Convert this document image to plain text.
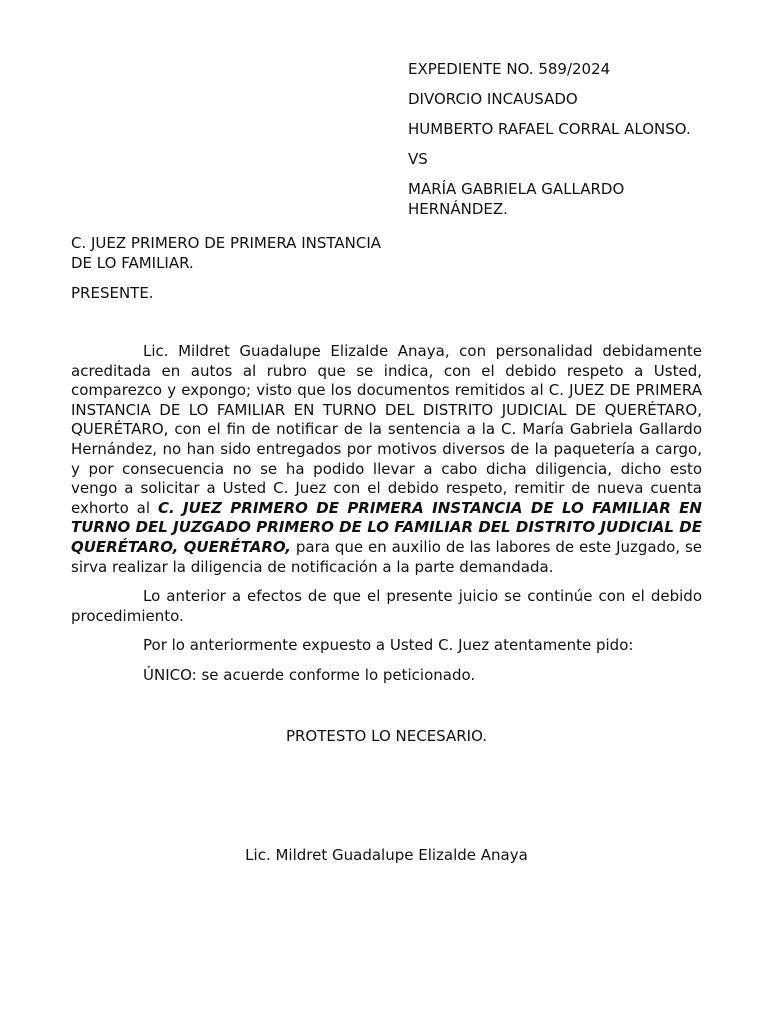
EXPEDIENTE NO. 589/2024
DIVORCIO INCAUSADO
HUMBERTO RAFAEL CORRAL ALONSO.
VS
MARÍA GABRIELA GALLARDO HERNÁNDEZ.

C. JUEZ PRIMERO DE PRIMERA INSTANCIA DE LO FAMILIAR.

PRESENTE.

Lic. Mildret Guadalupe Elizalde Anaya, con personalidad debidamente acreditada en autos al rubro que se indica, con el debido respeto a Usted, comparezco y expongo; visto que los documentos remitidos al C. JUEZ DE PRIMERA INSTANCIA DE LO FAMILIAR EN TURNO DEL DISTRITO JUDICIAL DE QUERÉTARO, QUERÉTARO, con el fin de notificar de la sentencia a la C. María Gabriela Gallardo Hernández, no han sido entregados por motivos diversos de la paquetería a cargo, y por consecuencia no se ha podido llevar a cabo dicha diligencia, dicho esto vengo a solicitar a Usted C. Juez con el debido respeto, remitir de nueva cuenta exhorto al C. JUEZ PRIMERO DE PRIMERA INSTANCIA DE LO FAMILIAR EN TURNO DEL JUZGADO PRIMERO DE LO FAMILIAR DEL DISTRITO JUDICIAL DE QUERÉTARO, QUERÉTARO, para que en auxilio de las labores de este Juzgado, se sirva realizar la diligencia de notificación a la parte demandada.

Lo anterior a efectos de que el presente juicio se continúe con el debido procedimiento.

Por lo anteriormente expuesto a Usted C. Juez atentamente pido:

ÚNICO: se acuerde conforme lo peticionado.

PROTESTO LO NECESARIO.
Lic. Mildret Guadalupe Elizalde Anaya
